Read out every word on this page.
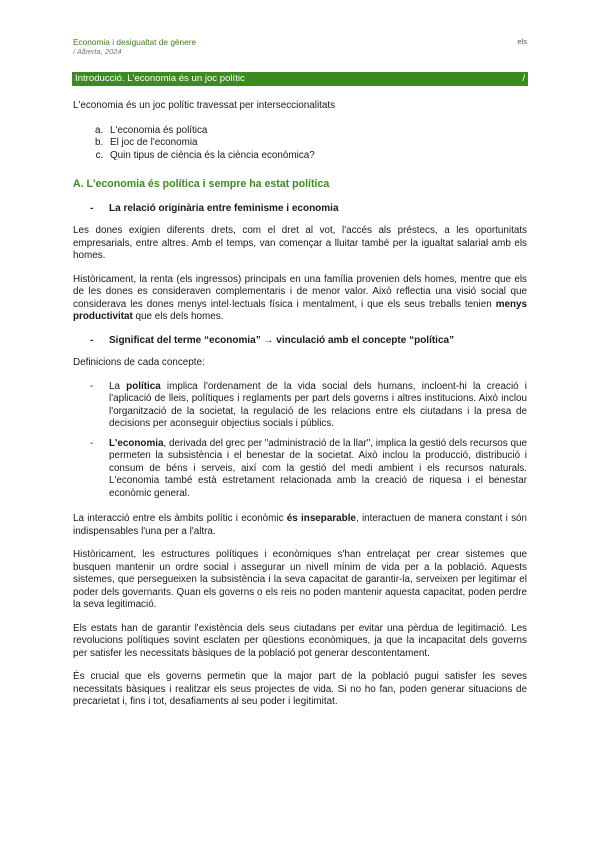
Economia i desigualtat de gènere
/ Alberta, 2024
els
Introducció. L'economia és un joc polític	/

L'economia és un joc polític travessat per interseccionalitats

a. L'economia és política
b. El joc de l'economia
c. Quin tipus de ciència és la ciència econòmica?
A. L'economia és política i sempre ha estat política
- La relació originària entre feminisme i economia

Les dones exigien diferents drets, com el dret al vot, l'accés als préstecs, a les oportunitats empresarials, entre altres. Amb el temps, van començar a lluitar també per la igualtat salarial amb els homes.

Històricament, la renta (els ingressos) principals en una família provenien dels homes, mentre que els de les dones es consideraven complementaris i de menor valor. Això reflectia una visió social que considerava les dones menys intel·lectuals física i mentalment, i que els seus treballs tenien menys productivitat que els dels homes.

- Significat del terme “economia” → vinculació amb el concepte “política”

Definicions de cada concepte:

- La política implica l'ordenament de la vida social dels humans, incloent-hi la creació i l'aplicació de lleis, polítiques i reglaments per part dels governs i altres institucions. Això inclou l'organització de la societat, la regulació de les relacions entre els ciutadans i la presa de decisions per aconseguir objectius socials i públics.
- L'economia, derivada del grec per "administració de la llar", implica la gestió dels recursos que permeten la subsistència i el benestar de la societat. Això inclou la producció, distribució i consum de béns i serveis, així com la gestió del medi ambient i els recursos naturals. L'economia també està estretament relacionada amb la creació de riquesa i el benestar econòmic general.

La interacció entre els àmbits polític i econòmic és inseparable, interactuen de manera constant i són indispensables l'una per a l'altra.

Històricament, les estructures polítiques i econòmiques s'han entrelaçat per crear sistemes que busquen mantenir un ordre social i assegurar un nivell mínim de vida per a la població. Aquests sistemes, que persegueixen la subsistència i la seva capacitat de garantir-la, serveixen per legitimar el poder dels governants. Quan els governs o els reis no poden mantenir aquesta capacitat, poden perdre la seva legitimació.

Els estats han de garantir l'existència dels seus ciutadans per evitar una pèrdua de legitimació. Les revolucions polítiques sovint esclaten per qüestions econòmiques, ja que la incapacitat dels governs per satisfer les necessitats bàsiques de la població pot generar descontentament.

És crucial que els governs permetin que la major part de la població pugui satisfer les seves necessitats bàsiques i realitzar els seus projectes de vida. Si no ho fan, poden generar situacions de precarietat i, fins i tot, desafiaments al seu poder i legitimitat.
